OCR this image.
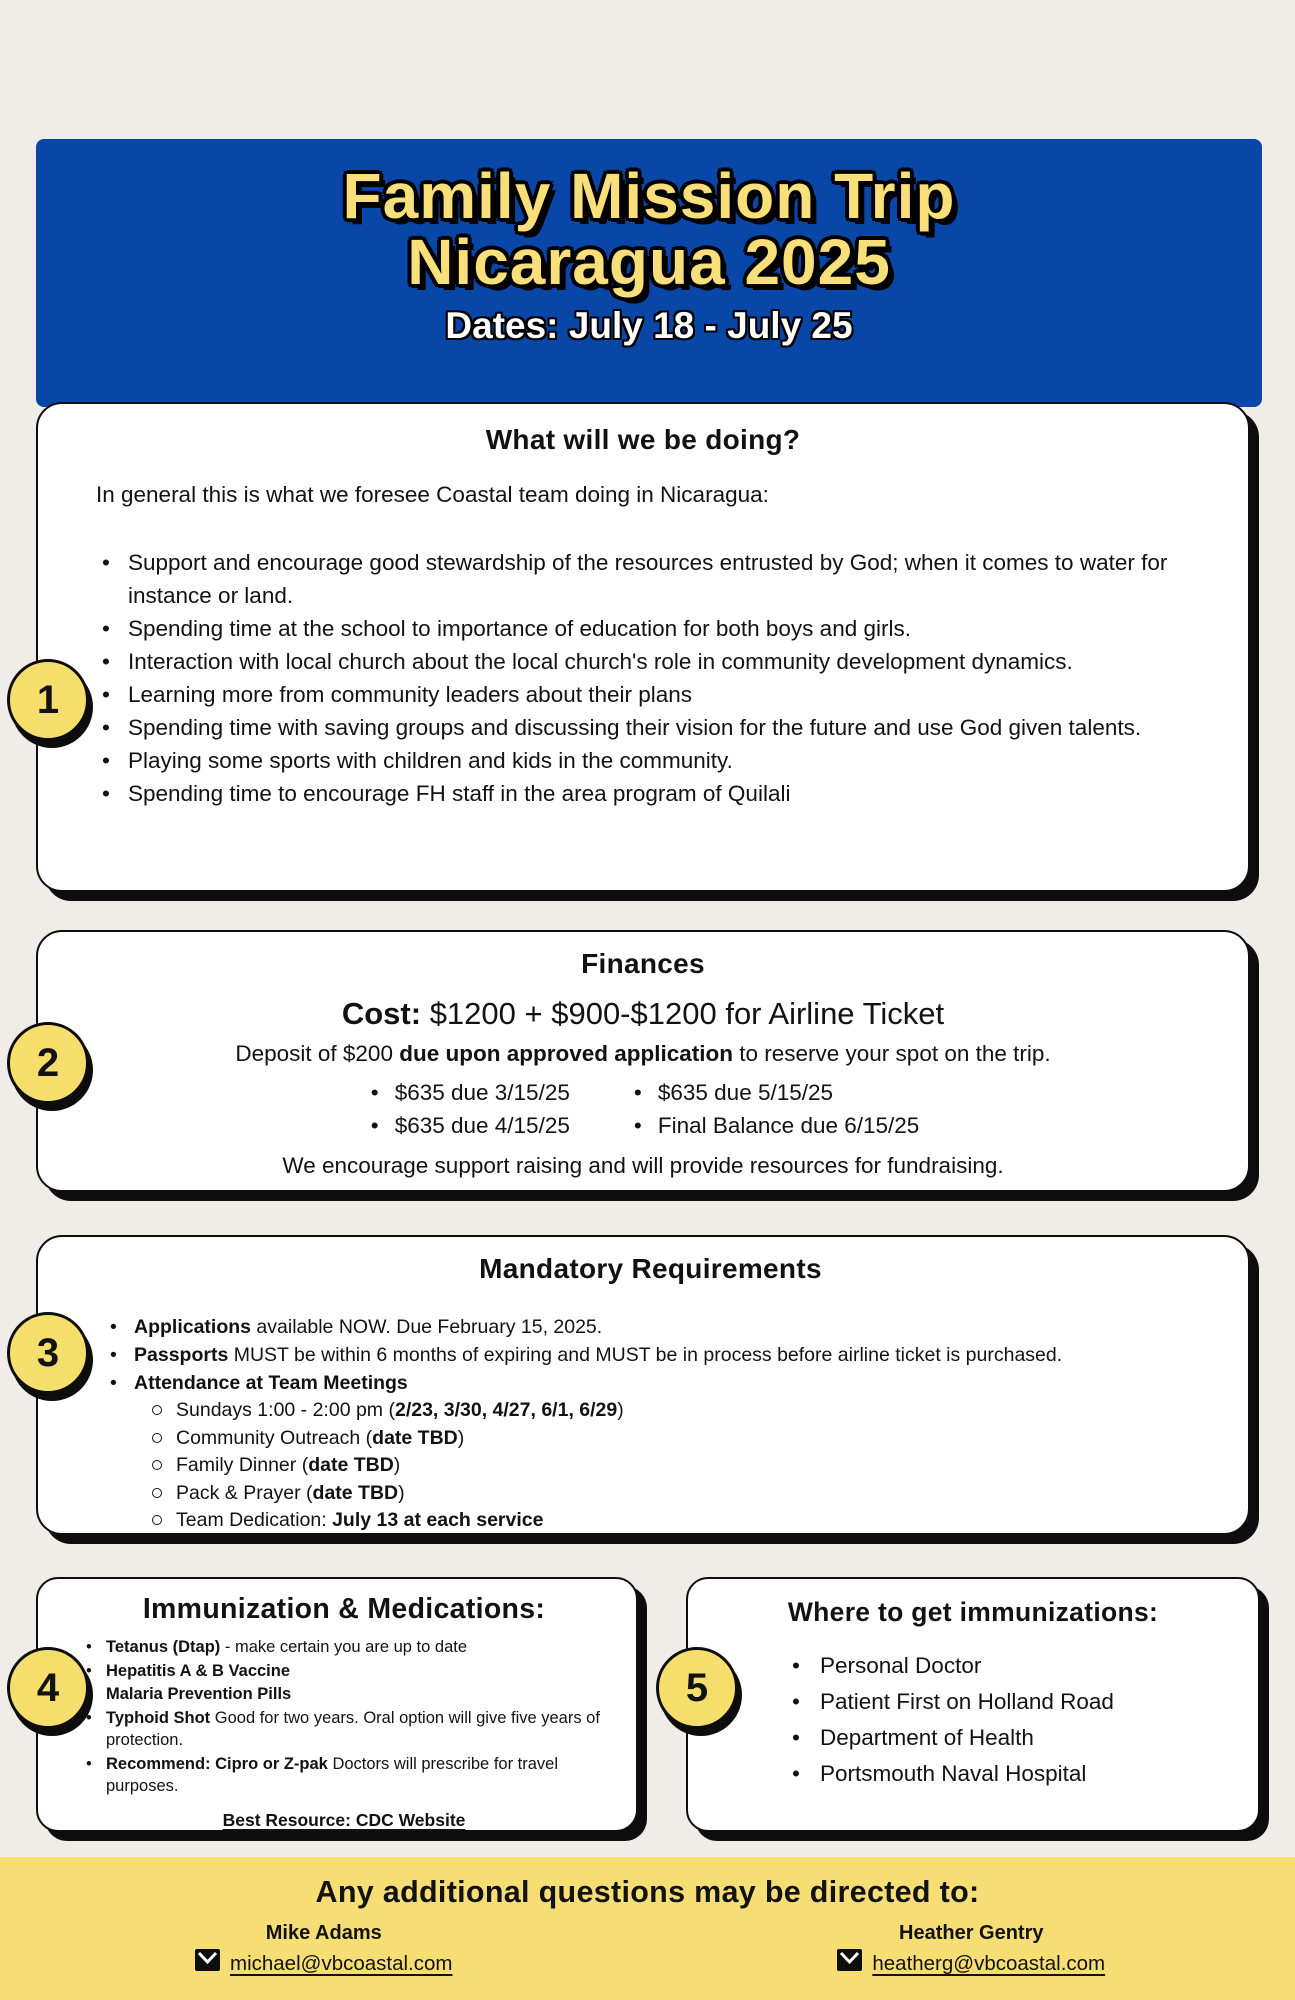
Family Mission Trip
Nicaragua 2025
Dates: July 18 - July 25
What will we be doing?
In general this is what we foresee Coastal team doing in Nicaragua:
• Support and encourage good stewardship of the resources entrusted by God; when it comes to water for instance or land.
• Spending time at the school to importance of education for both boys and girls.
• Interaction with local church about the local church's role in community development dynamics.
• Learning more from community leaders about their plans
• Spending time with saving groups and discussing their vision for the future and use God given talents.
• Playing some sports with children and kids in the community.
• Spending time to encourage FH staff in the area program of Quilali
Finances
Cost: $1200 + $900-$1200 for Airline Ticket
Deposit of $200 due upon approved application to reserve your spot on the trip.
• $635 due 3/15/25
• $635 due 4/15/25
• $635 due 5/15/25
• Final Balance due 6/15/25
We encourage support raising and will provide resources for fundraising.
Mandatory Requirements
• Applications available NOW. Due February 15, 2025.
• Passports MUST be within 6 months of expiring and MUST be in process before airline ticket is purchased.
• Attendance at Team Meetings
Sundays 1:00 - 2:00 pm (2/23, 3/30, 4/27, 6/1, 6/29)
Community Outreach (date TBD)
Family Dinner (date TBD)
Pack & Prayer (date TBD)
Team Dedication: July 13 at each service
Immunization & Medications:
• Tetanus (Dtap) - make certain you are up to date
• Hepatitis A & B Vaccine
• Malaria Prevention Pills
• Typhoid Shot Good for two years. Oral option will give five years of protection.
• Recommend: Cipro or Z-pak Doctors will prescribe for travel purposes.
Best Resource: CDC Website
Where to get immunizations:
• Personal Doctor
• Patient First on Holland Road
• Department of Health
• Portsmouth Naval Hospital
1
2
3
4	5
Any additional questions may be directed to:
Mike Adams
michael@vbcoastal.com
Heather Gentry
heatherg@vbcoastal.com
